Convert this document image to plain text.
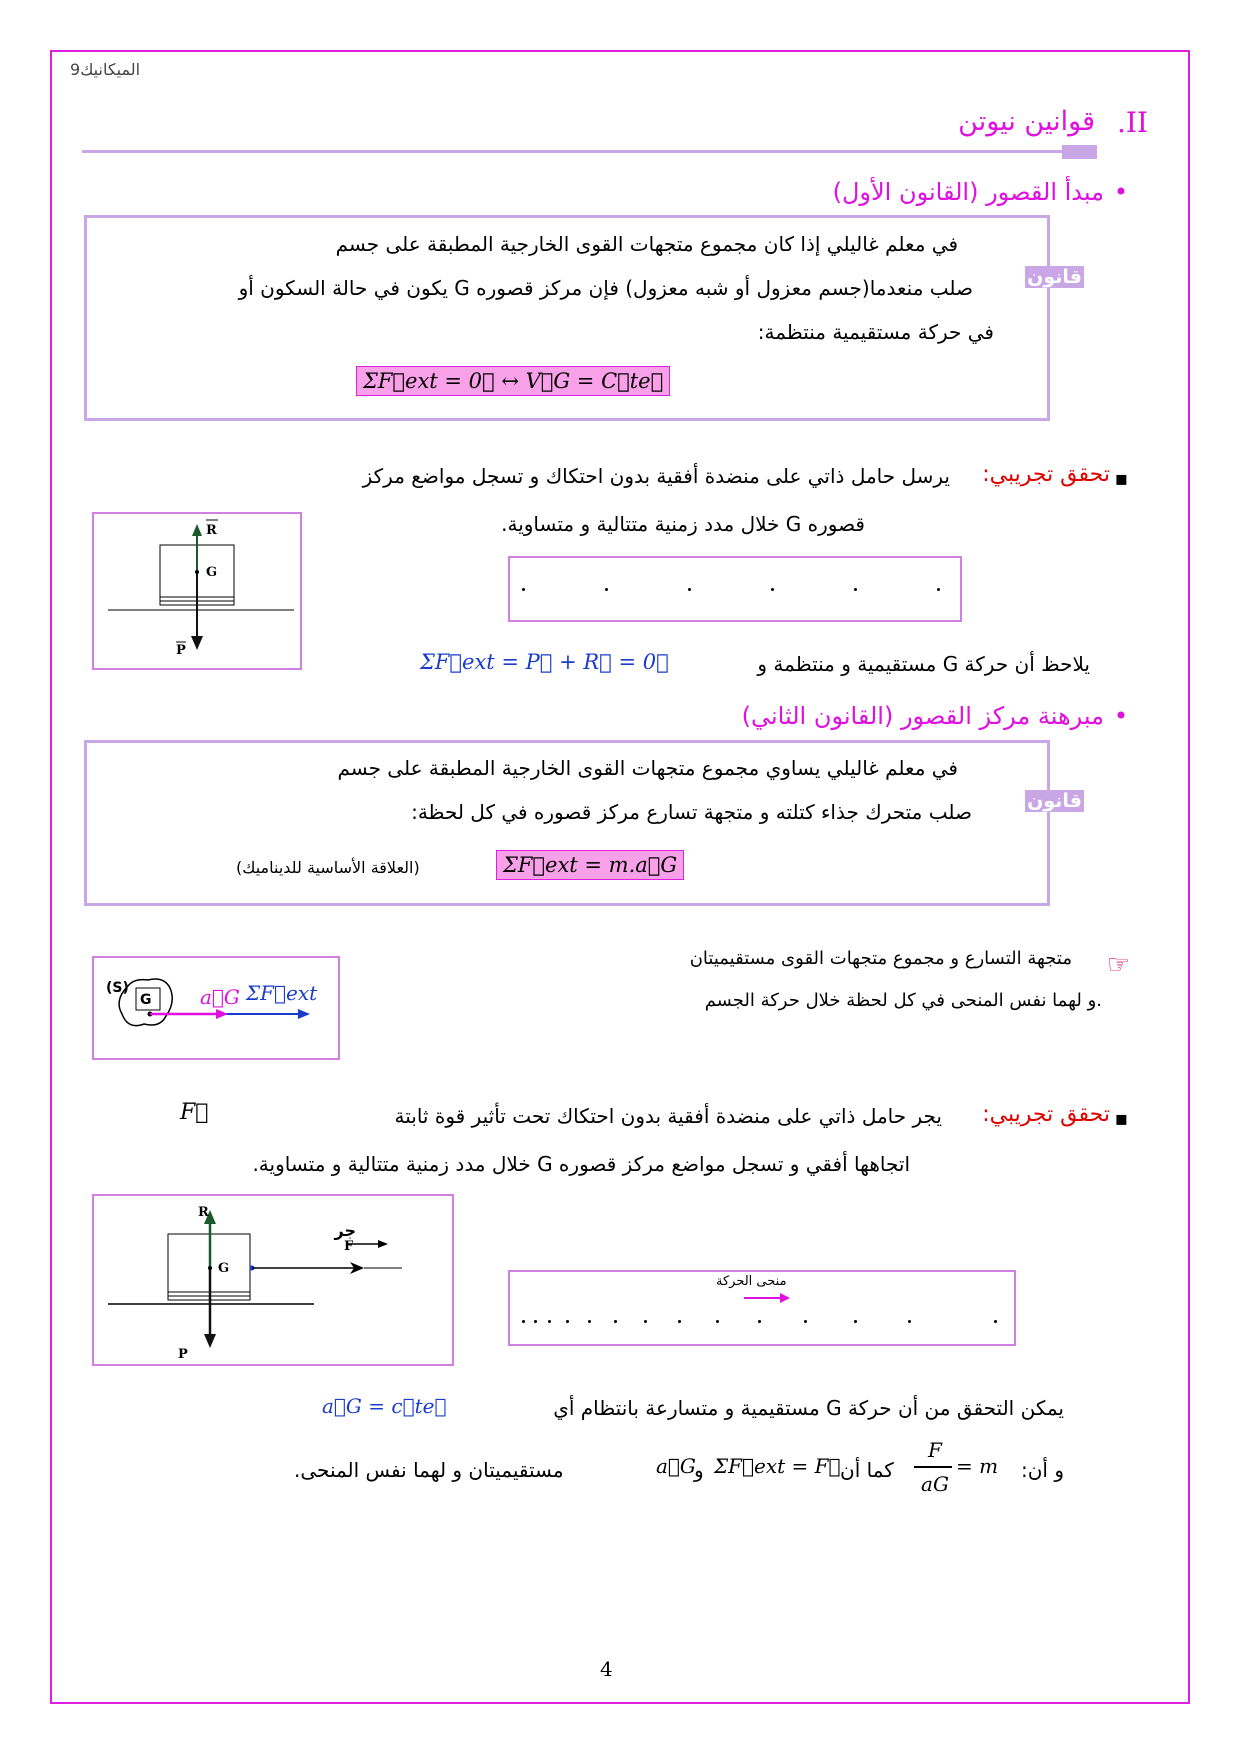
9الميكانيك
قوانين نيوتن .II
مبدأ القصور (القانون الأول) •
قانون
في معلم غاليلي إذا كان مجموع متجهات القوى الخارجية المطبقة على جسم
صلب منعدما(جسم معزول أو شبه معزول) فإن مركز قصوره G يكون في حالة السكون أو
في حركة مستقيمية منتظمة:
ΣF⃗ext = 0⃗ ↔ V⃗G = C⃗te⃗
▪
تحقق تجريبي:
يرسل حامل ذاتي على منضدة أفقية بدون احتكاك و تسجل مواضع مركز
قصوره G خلال مدد زمنية متتالية و متساوية.
G
R
P
يلاحظ أن حركة G مستقيمية و منتظمة و
ΣF⃗ext = P⃗ + R⃗ = 0⃗
مبرهنة مركز القصور (القانون الثاني) •
قانون
في معلم غاليلي يساوي مجموع متجهات القوى الخارجية المطبقة على جسم
صلب متحرك جذاء كتلته و متجهة تسارع مركز قصوره في كل لحظة:
ΣF⃗ext = m.a⃗G
(العلاقة الأساسية للديناميك)
متجهة التسارع و مجموع متجهات القوى مستقيميتان
و لهما نفس المنحى في كل لحظة خلال حركة الجسم.
☞
G
(S)	a⃗G ΣF⃗ext
▪
تحقق تجريبي:
يجر حامل ذاتي على منضدة أفقية بدون احتكاك تحت تأثير قوة ثابتة
F⃗
اتجاهها أفقي و تسجل مواضع مركز قصوره G خلال مدد زمنية متتالية و متساوية.
G
R
P
F
جر
منحى الحركة
يمكن التحقق من أن حركة G مستقيمية و متسارعة بانتظام أي
a⃗G = c⃗te⃗
و أن:
F
aG
= m
كما أن
ΣF⃗ext = F⃗
و
a⃗G
مستقيميتان و لهما نفس المنحى.
4
